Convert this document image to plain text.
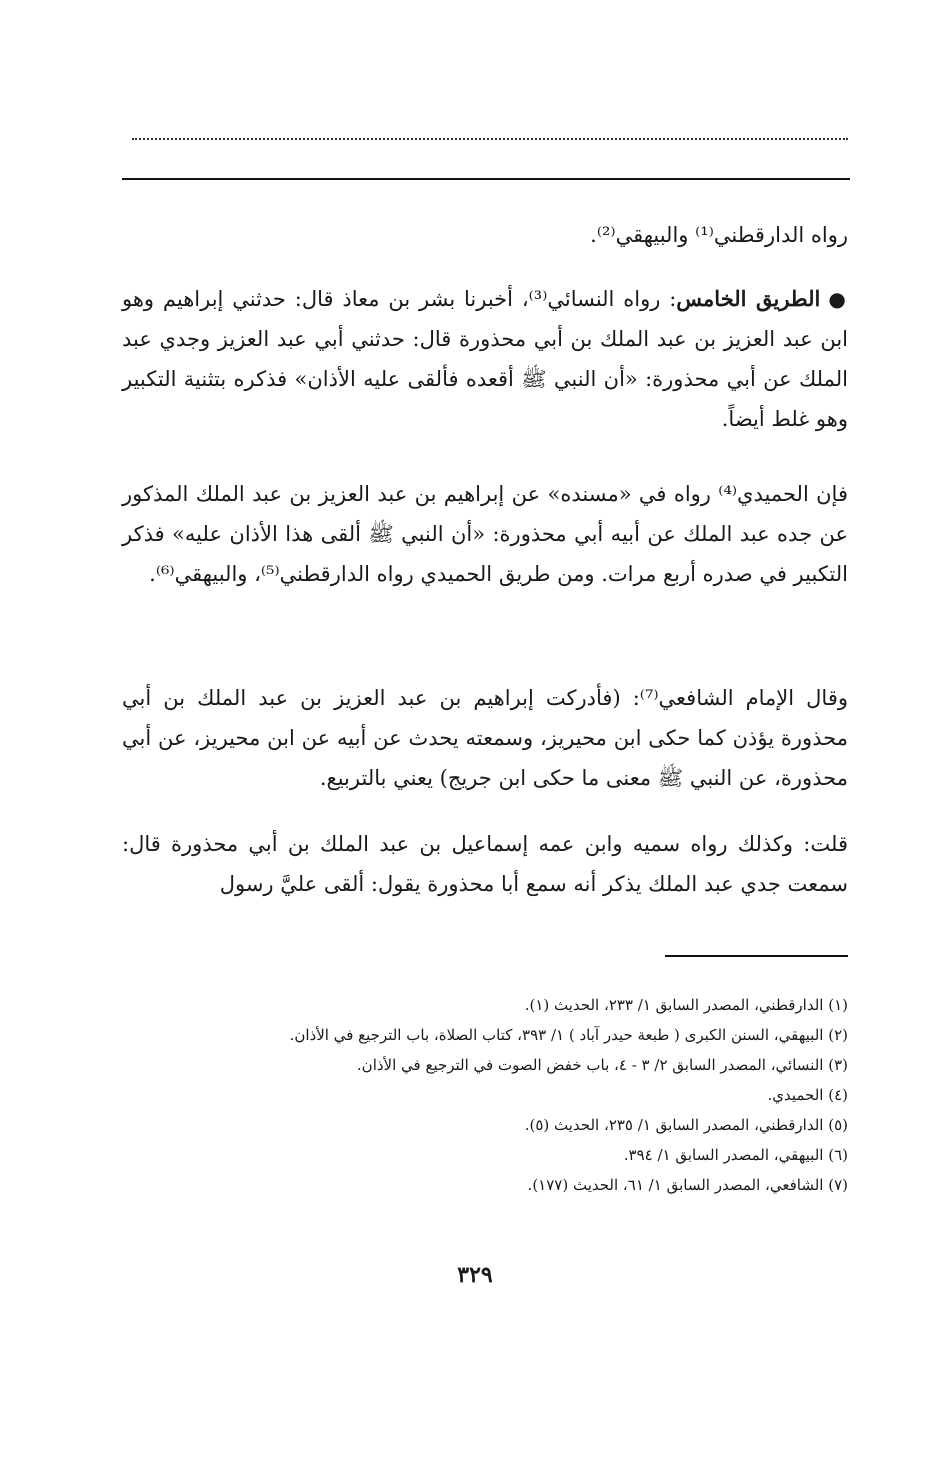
رواه الدارقطني⁽¹⁾ والبيهقي⁽²⁾.

●الطريق الخامس: رواه النسائي⁽³⁾، أخبرنا بشر بن معاذ قال: حدثني إبراهيم وهو ابن عبد العزيز بن عبد الملك بن أبي محذورة قال: حدثني أبي عبد العزيز وجدي عبد الملك عن أبي محذورة: «أن النبي ﷺ أقعده فألقى عليه الأذان» فذكره بتثنية التكبير وهو غلط أيضاً.

فإن الحميدي⁽⁴⁾ رواه في «مسنده» عن إبراهيم بن عبد العزيز بن عبد الملك المذكور عن جده عبد الملك عن أبيه أبي محذورة: «أن النبي ﷺ ألقى هذا الأذان عليه» فذكر التكبير في صدره أربع مرات. ومن طريق الحميدي رواه الدارقطني⁽⁵⁾، والبيهقي⁽⁶⁾.

وقال الإمام الشافعي⁽⁷⁾: (فأدركت إبراهيم بن عبد العزيز بن عبد الملك بن أبي محذورة يؤذن كما حكى ابن محيريز، وسمعته يحدث عن أبيه عن ابن محيريز، عن أبي محذورة، عن النبي ﷺ معنى ما حكى ابن جريج) يعني بالتربيع.

قلت: وكذلك رواه سميه وابن عمه إسماعيل بن عبد الملك بن أبي محذورة قال: سمعت جدي عبد الملك يذكر أنه سمع أبا محذورة يقول: ألقى عليَّ رسول

(١) الدارقطني، المصدر السابق ١/ ٢٣٣، الحديث (١).
(٢) البيهقي، السنن الكبرى ( طبعة حيدر آباد ) ١/ ٣٩٣، كتاب الصلاة، باب الترجيع في الأذان.
(٣) النسائي، المصدر السابق ٢/ ٣ - ٤، باب خفض الصوت في الترجيع في الأذان.
(٤) الحميدي.
(٥) الدارقطني، المصدر السابق ١/ ٢٣٥، الحديث (٥).
(٦) البيهقي، المصدر السابق ١/ ٣٩٤.
(٧) الشافعي، المصدر السابق ١/ ٦١، الحديث (١٧٧).
٣٢٩
